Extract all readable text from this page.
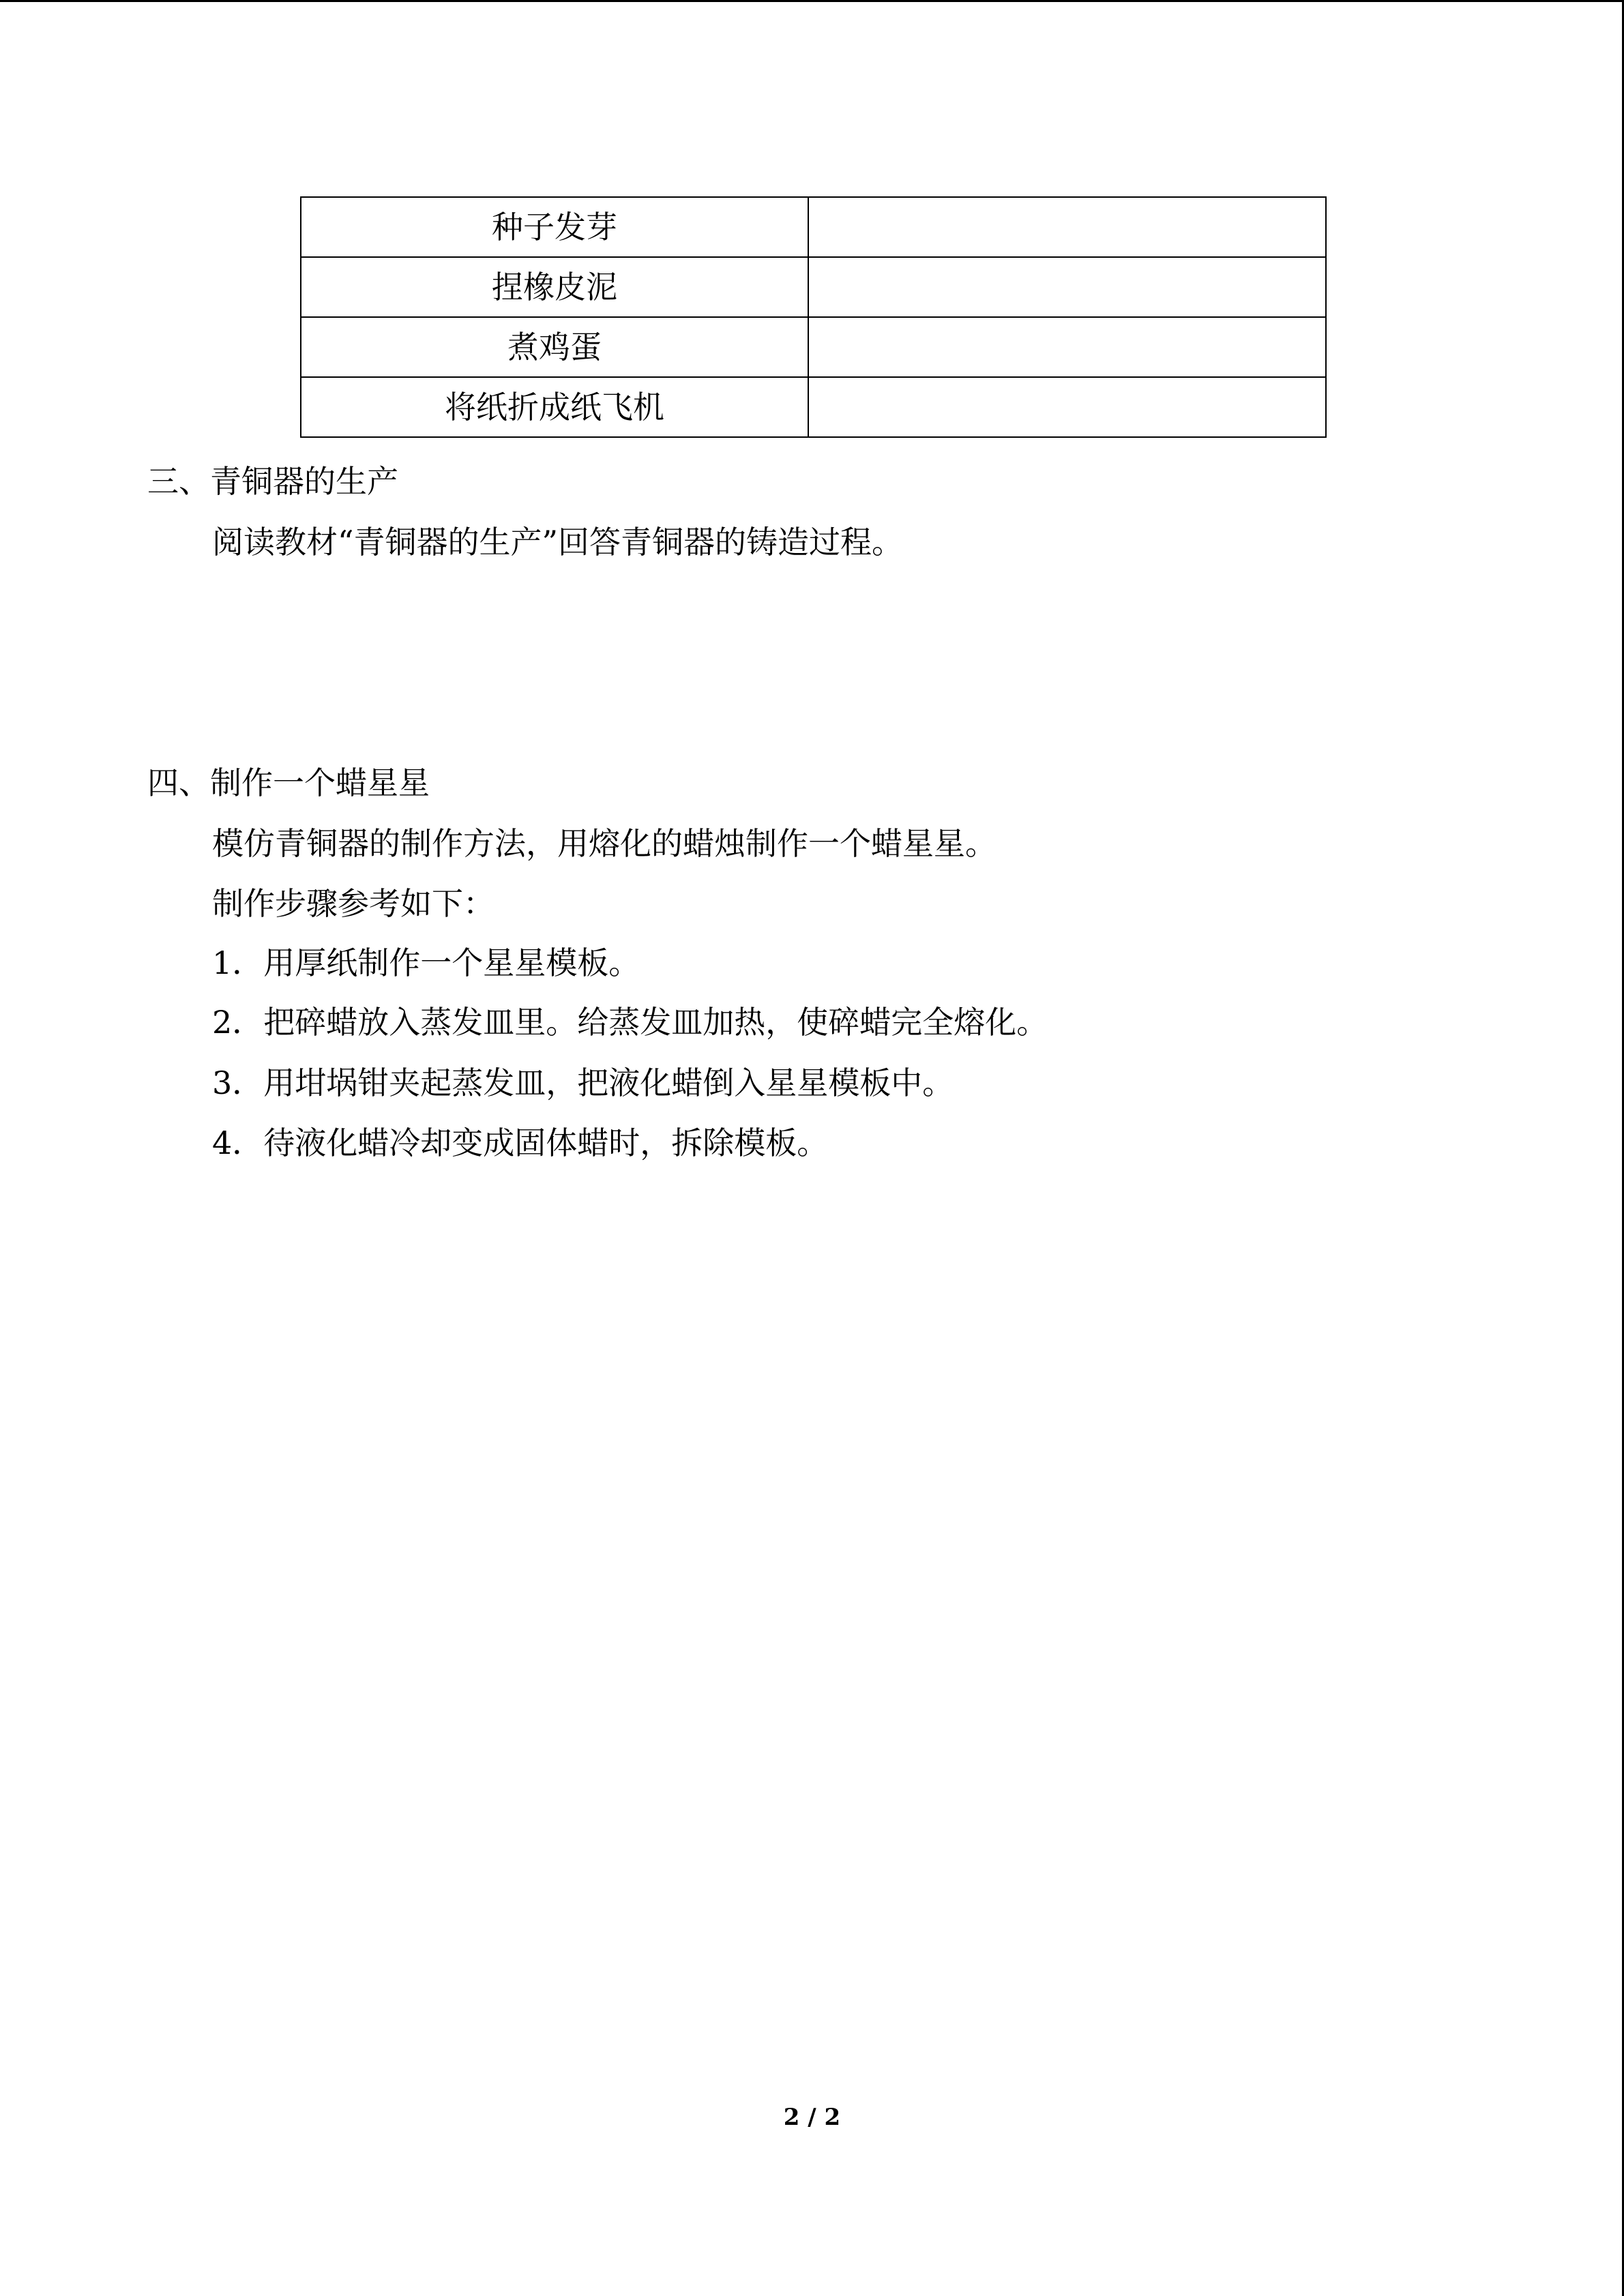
种子发芽	
捏橡皮泥	
煮鸡蛋	
将纸折成纸飞机	
三、青铜器的生产
阅读教材“青铜器的生产”回答青铜器的铸造过程。
四、制作一个蜡星星
模仿青铜器的制作方法，用熔化的蜡烛制作一个蜡星星。
制作步骤参考如下：
1．用厚纸制作一个星星模板。
2．把碎蜡放入蒸发皿里。给蒸发皿加热，使碎蜡完全熔化。
3．用坩埚钳夹起蒸发皿，把液化蜡倒入星星模板中。
4．待液化蜡冷却变成固体蜡时，拆除模板。
2 / 2
